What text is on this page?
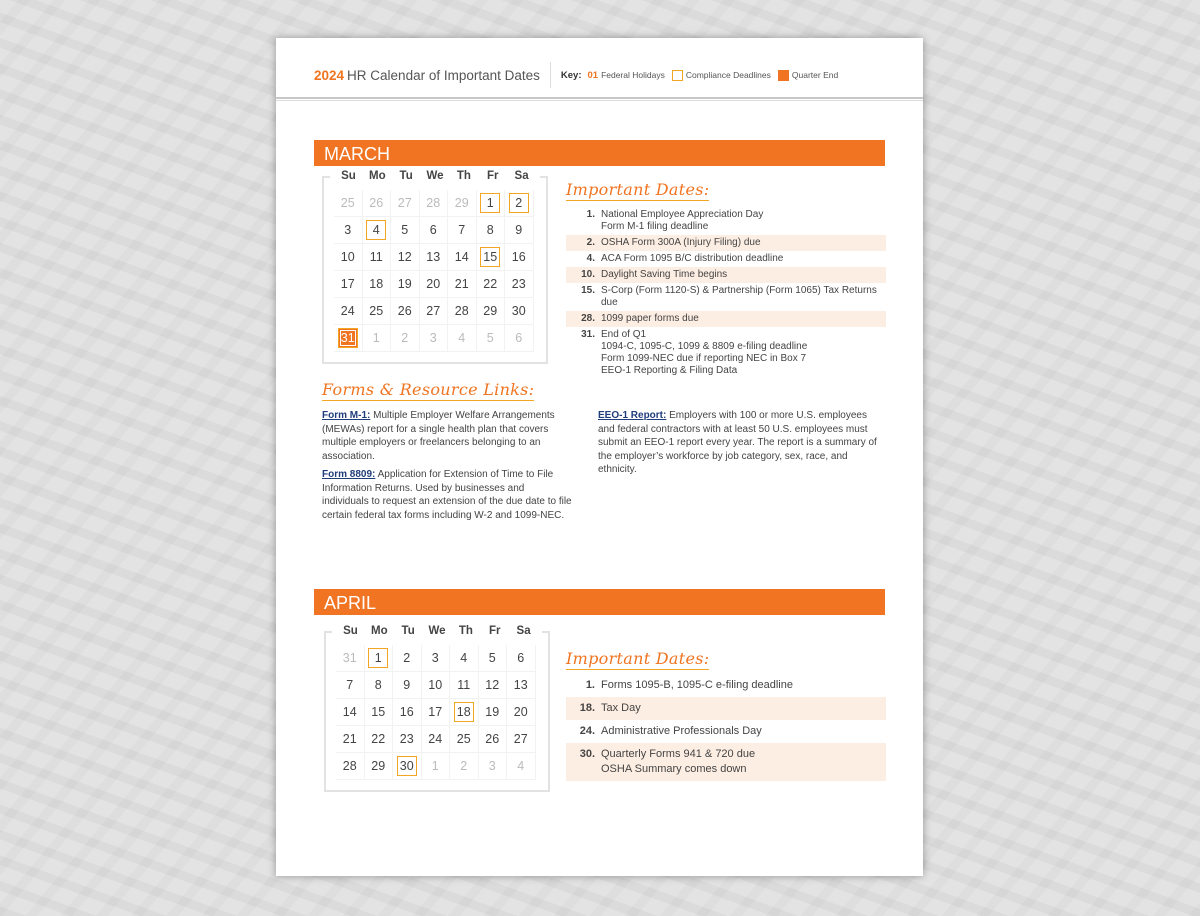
2024 HR Calendar of Important Dates Key: 01 Federal Holidays Compliance Deadlines Quarter End
MARCH
Su	Mo	Tu	We	Th	Fr	Sa
25 26 27 28 29	1	2
3	4	5	6	7	8	9
10 11 12 13 14 15 16
17 18 19 20 21 22 23
24 25 26 27 28 29 30
31	1	2	3	4	5	6
Important Dates:
1. National Employee Appreciation Day
Form M-1 filing deadline
2. OSHA Form 300A (Injury Filing) due
4. ACA Form 1095 B/C distribution deadline
10. Daylight Saving Time begins
15. S-Corp (Form 1120-S) & Partnership (Form 1065) Tax Returns due
28. 1099 paper forms due
31. End of Q1
1094-C, 1095-C, 1099 & 8809 e-filing deadline
Form 1099-NEC due if reporting NEC in Box 7
EEO-1 Reporting & Filing Data
Forms & Resource Links:

Form M-1: Multiple Employer Welfare Arrangements (MEWAs) report for a single health plan that covers multiple employers or freelancers belonging to an association.

Form 8809: Application for Extension of Time to File Information Returns. Used by businesses and individuals to request an extension of the due date to file certain federal tax forms including W-2 and 1099-NEC.

EEO-1 Report: Employers with 100 or more U.S. employees and federal contractors with at least 50 U.S. employees must submit an EEO-1 report every year. The report is a summary of the employer’s workforce by job category, sex, race, and ethnicity.

APRIL
Su	Mo	Tu	We	Th	Fr	Sa
31	1	2	3	4	5	6
7	8	9	10 11 12 13
14 15 16 17 18 19 20
21 22 23 24 25 26 27
28 29 30	1	2	3	4
Important Dates:
1. Forms 1095-B, 1095-C e-filing deadline
18. Tax Day
24. Administrative Professionals Day
30. Quarterly Forms 941 & 720 due
OSHA Summary comes down
